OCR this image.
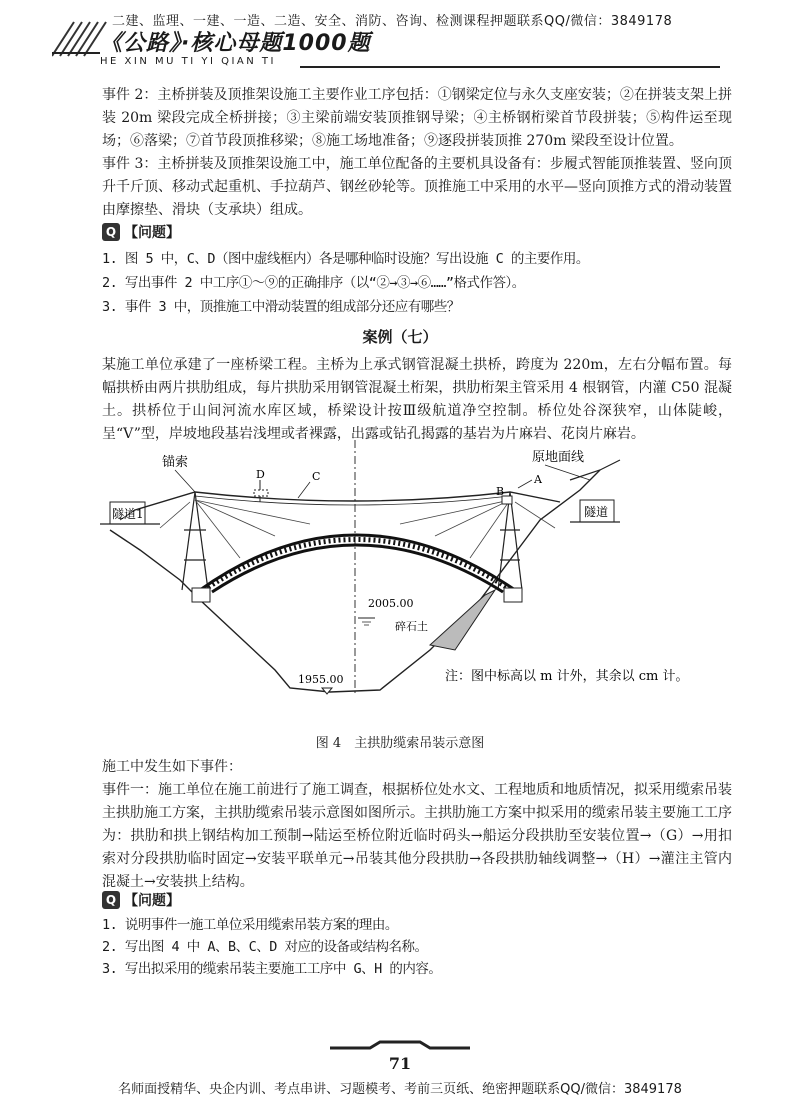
二建、监理、一建、一造、二造、安全、消防、咨询、检测课程押题联系QQ/微信：3849178
《公路》·核心母题1000题
HE XIN MU TI YI QIAN TI
事件 2：主桥拼装及顶推架设施工主要作业工序包括：①钢梁定位与永久支座安装；②在拼装支架上拼装 20m 梁段完成全桥拼接；③主梁前端安装顶推钢导梁；④主桥钢桁梁首节段拼装；⑤构件运至现场；⑥落梁；⑦首节段顶推移梁；⑧施工场地准备；⑨逐段拼装顶推 270m 梁段至设计位置。
事件 3：主桥拼装及顶推架设施工中，施工单位配备的主要机具设备有：步履式智能顶推装置、竖向顶升千斤顶、移动式起重机、手拉葫芦、钢丝砂轮等。顶推施工中采用的水平—竖向顶推方式的滑动装置由摩擦垫、滑块（支承块）组成。
Q 【问题】
1. 图 5 中，C、D（图中虚线框内）各是哪种临时设施？写出设施 C 的主要作用。
2. 写出事件 2 中工序①～⑨的正确排序（以“②→③→⑥……”格式作答）。
3. 事件 3 中，顶推施工中滑动装置的组成部分还应有哪些？
案例（七）
某施工单位承建了一座桥梁工程。主桥为上承式钢管混凝土拱桥，跨度为 220m，左右分幅布置。每幅拱桥由两片拱肋组成，每片拱肋采用钢管混凝土桁架，拱肋桁架主管采用 4 根钢管，内灌 C50 混凝土。拱桥位于山间河流水库区域，桥梁设计按Ⅲ级航道净空控制。桥位处谷深狭窄，山体陡峻，呈“V”型，岸坡地段基岩浅埋或者裸露，出露或钻孔揭露的基岩为片麻岩、花岗片麻岩。
锚索	原地面线
隧道1	隧道
A
B
C
D
2005.00
1955.00
碎石土
注：图中标高以 m 计外，其余以 cm 计。
图 4　主拱肋缆索吊装示意图
施工中发生如下事件：
事件一：施工单位在施工前进行了施工调查，根据桥位处水文、工程地质和地质情况，拟采用缆索吊装主拱肋施工方案，主拱肋缆索吊装示意图如图所示。主拱肋施工方案中拟采用的缆索吊装主要施工工序为：拱肋和拱上钢结构加工预制→陆运至桥位附近临时码头→船运分段拱肋至安装位置→（G）→用扣索对分段拱肋临时固定→安装平联单元→吊装其他分段拱肋→各段拱肋轴线调整→（H）→灌注主管内混凝土→安装拱上结构。
Q 【问题】
1. 说明事件一施工单位采用缆索吊装方案的理由。
2. 写出图 4 中 A、B、C、D 对应的设备或结构名称。
3. 写出拟采用的缆索吊装主要施工工序中 G、H 的内容。
71
名师面授精华、央企内训、考点串讲、习题模考、考前三页纸、绝密押题联系QQ/微信：3849178
